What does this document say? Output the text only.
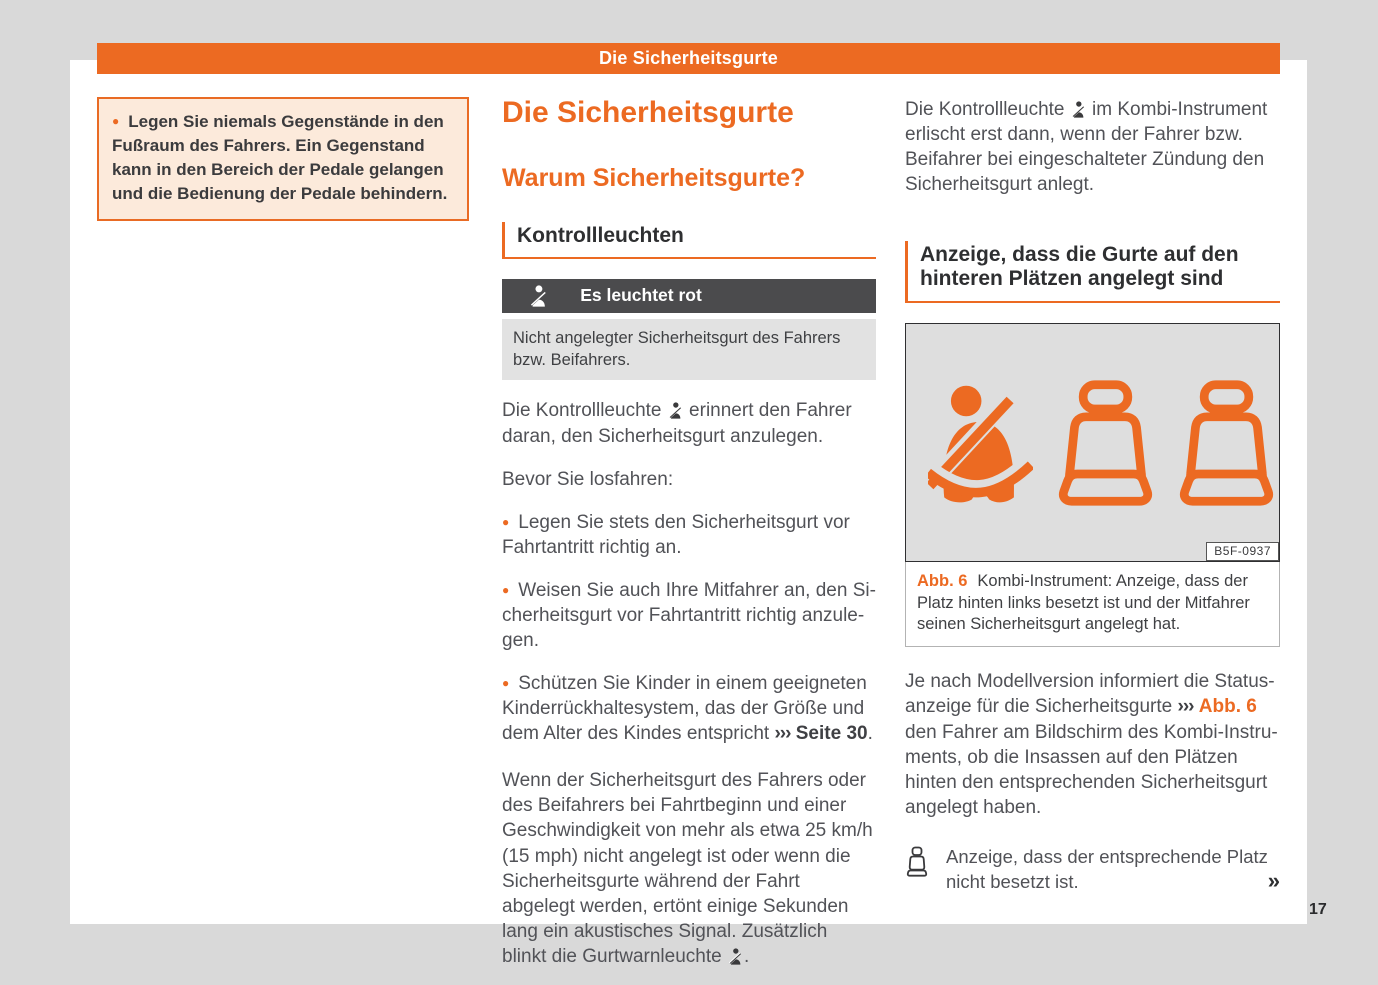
Die Sicherheitsgurte
● Legen Sie niemals Gegenstände in den Fußraum des Fahrers. Ein Gegenstand kann in den Bereich der Pedale gelangen und die Bedienung der Pedale behindern.
Die Sicherheitsgurte
Warum Sicherheitsgurte?
Kontrollleuchten
Es leuchtet rot
Nicht angelegter Sicherheitsgurt des Fahrers bzw. Beifahrers.

Die Kontrollleuchte erinnert den Fahrer daran, den Sicherheitsgurt anzulegen.

Bevor Sie losfahren:

● Legen Sie stets den Sicherheitsgurt vor Fahrtantritt richtig an.

● Weisen Sie auch Ihre Mitfahrer an, den Sicherheitsgurt vor Fahrtantritt richtig anzulegen.

● Schützen Sie Kinder in einem geeigneten Kinderrückhaltesystem, das der Größe und dem Alter des Kindes entspricht ››› Seite 30.

Wenn der Sicherheitsgurt des Fahrers oder des Beifahrers bei Fahrtbeginn und einer Geschwindigkeit von mehr als etwa 25 km/h (15 mph) nicht angelegt ist oder wenn die Sicherheitsgurte während der Fahrt abgelegt werden, ertönt einige Sekunden lang ein akustisches Signal. Zusätzlich blinkt die Gurtwarnleuchte .

Die Kontrollleuchte im Kombi-Instrument erlischt erst dann, wenn der Fahrer bzw. Beifahrer bei eingeschalteter Zündung den Sicherheitsgurt anlegt.

Anzeige, dass die Gurte auf den hinteren Plätzen angelegt sind
B5F-0937
Abb. 6 Kombi-Instrument: Anzeige, dass der Platz hinten links besetzt ist und der Mitfahrer seinen Sicherheitsgurt angelegt hat.

Je nach Modellversion informiert die Statusanzeige für die Sicherheitsgurte ››› Abb. 6 den Fahrer am Bildschirm des Kombi-Instruments, ob die Insassen auf den Plätzen hinten den entsprechenden Sicherheitsgurt angelegt haben.

Anzeige, dass der entsprechende Platz nicht besetzt ist.	»
17
